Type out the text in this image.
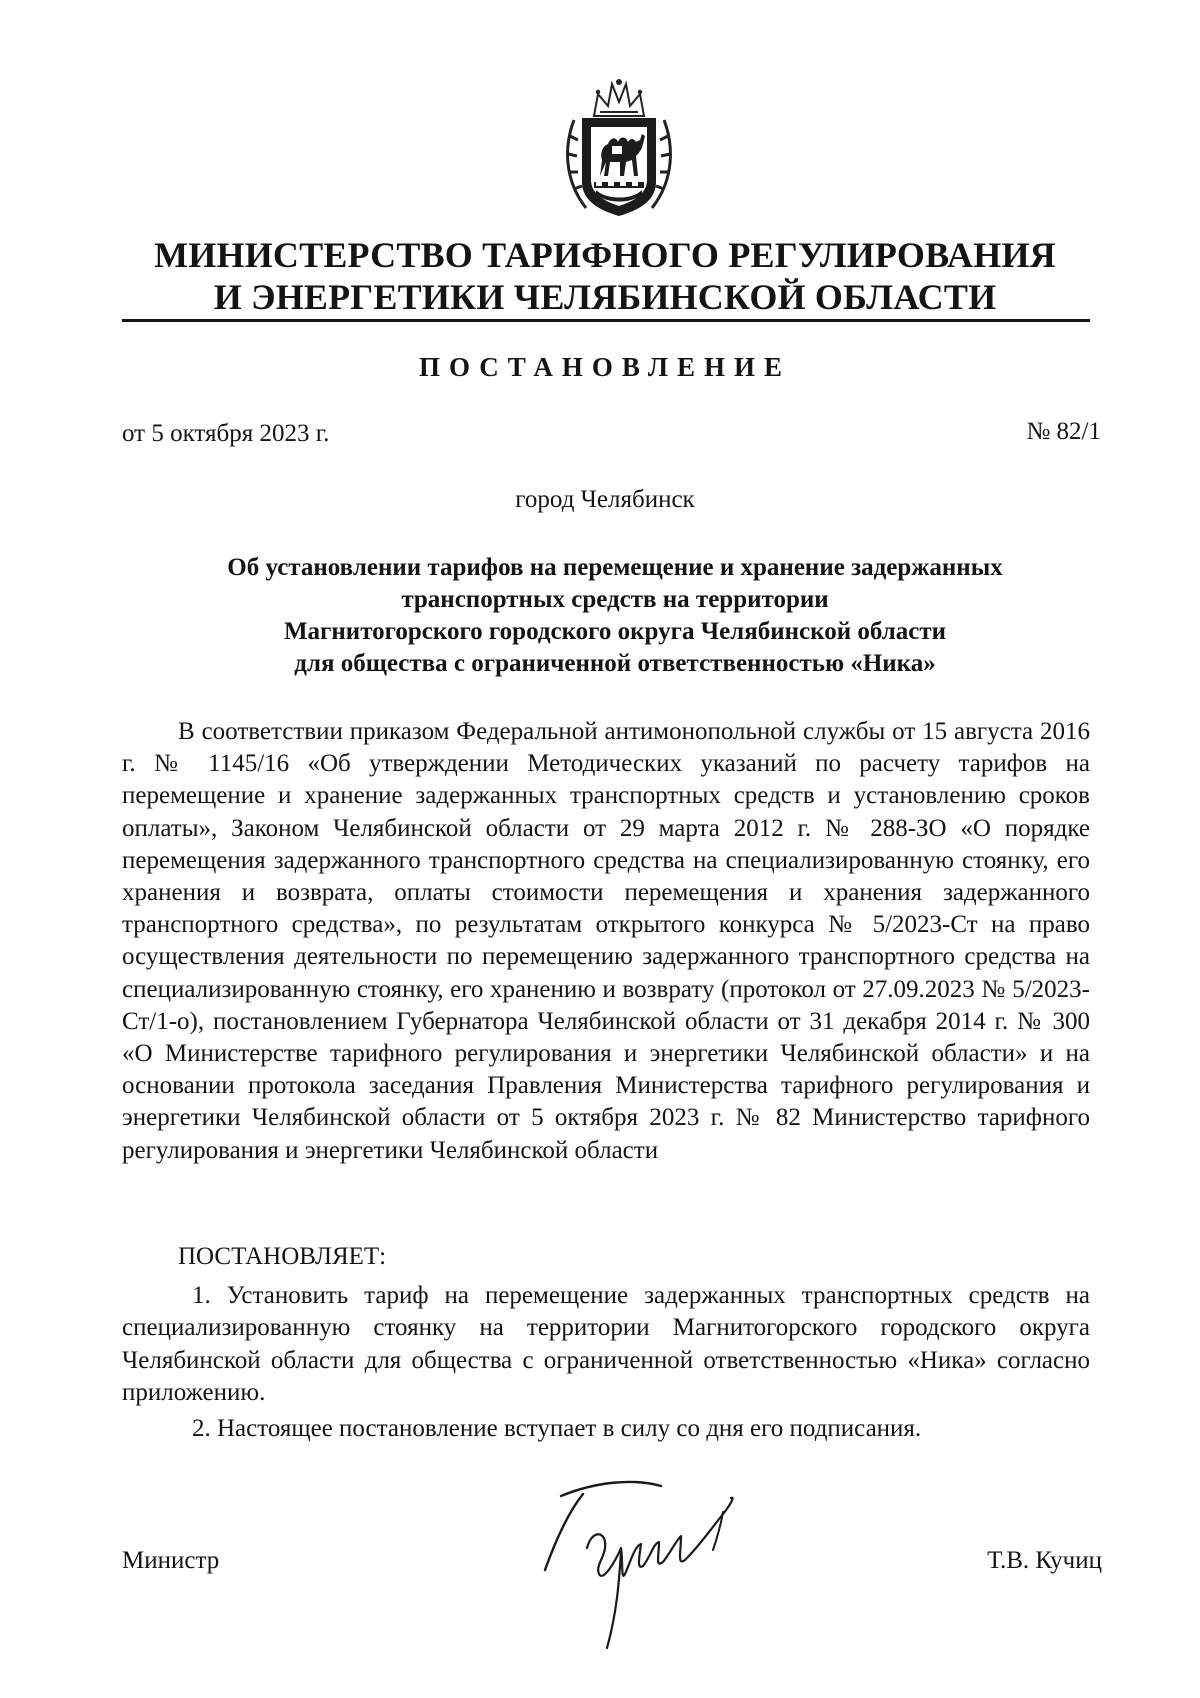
МИНИСТЕРСТВО ТАРИФНОГО РЕГУЛИРОВАНИЯ
И ЭНЕРГЕТИКИ ЧЕЛЯБИНСКОЙ ОБЛАСТИ
ПОСТАНОВЛЕНИЕ
от 5 октября 2023 г.	№ 82/1
город Челябинск
Об установлении тарифов на перемещение и хранение задержанных
транспортных средств на территории
Магнитогорского городского округа Челябинской области
для общества с ограниченной ответственностью «Ника»

В соответствии приказом Федеральной антимонопольной службы от 15 августа 2016 г. № 1145/16 «Об утверждении Методических указаний по расчету тарифов на перемещение и хранение задержанных транспортных средств и установлению сроков оплаты», Законом Челябинской области от 29 марта 2012 г. № 288-ЗО «О порядке перемещения задержанного транспортного средства на специализированную стоянку, его хранения и возврата, оплаты стоимости перемещения и хранения задержанного транспортного средства», по результатам открытого конкурса № 5/2023-Ст на право осуществления деятельности по перемещению задержанного транспортного средства на специализированную стоянку, его хранению и возврату (протокол от 27.09.2023 № 5/2023-Ст/1-о), постановлением Губернатора Челябинской области от 31 декабря 2014 г. № 300 «О Министерстве тарифного регулирования и энергетики Челябинской области» и на основании протокола заседания Правления Министерства тарифного регулирования и энергетики Челябинской области от 5 октября 2023 г. № 82 Министерство тарифного регулирования и энергетики Челябинской области

ПОСТАНОВЛЯЕТ:

1. Установить тариф на перемещение задержанных транспортных средств на специализированную стоянку на территории Магнитогорского городского округа Челябинской области для общества с ограниченной ответственностью «Ника» согласно приложению.

2. Настоящее постановление вступает в силу со дня его подписания.
Министр	Т.В. Кучиц
